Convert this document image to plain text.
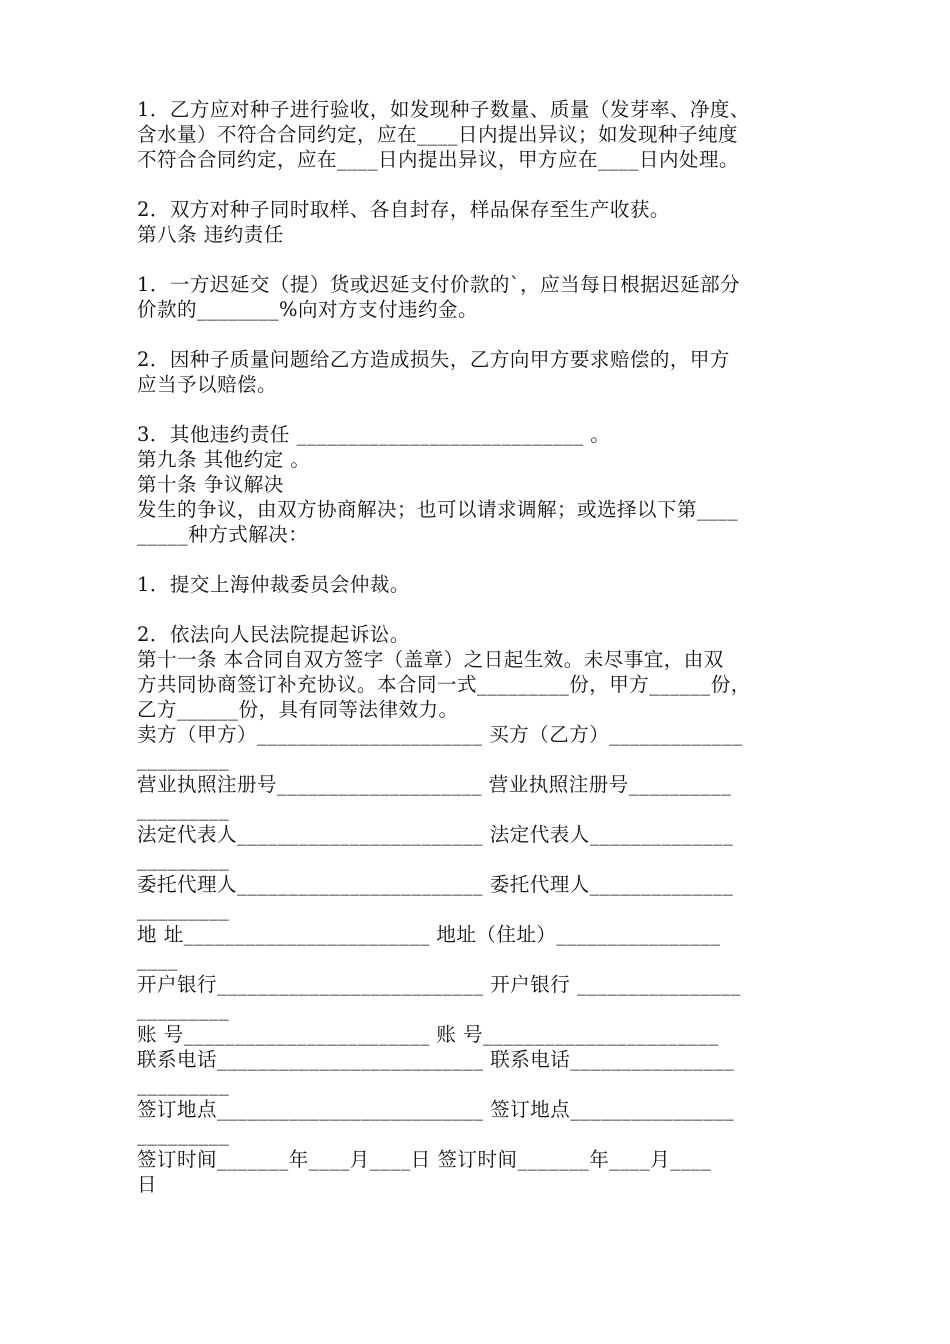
1．乙方应对种子进行验收，如发现种子数量、质量（发芽率、净度、
含水量）不符合合同约定，应在____日内提出异议；如发现种子纯度
不符合合同约定，应在____日内提出异议，甲方应在____日内处理。
2．双方对种子同时取样、各自封存，样品保存至生产收获。
第八条 违约责任
1．一方迟延交（提）货或迟延支付价款的`，应当每日根据迟延部分
价款的________%向对方支付违约金。
2．因种子质量问题给乙方造成损失，乙方向甲方要求赔偿的，甲方
应当予以赔偿。
3．其他违约责任 ____________________________ 。
第九条 其他约定 。
第十条 争议解决
发生的争议，由双方协商解决；也可以请求调解；或选择以下第____
_____种方式解决：
1．提交上海仲裁委员会仲裁。
2．依法向人民法院提起诉讼。
第十一条 本合同自双方签字（盖章）之日起生效。未尽事宜，由双
方共同协商签订补充协议。本合同一式_________份，甲方______份，
乙方______份，具有同等法律效力。
卖方（甲方）______________________ 买方（乙方）_____________
_________
营业执照注册号____________________ 营业执照注册号__________
_________
法定代表人________________________ 法定代表人______________
_________
委托代理人________________________ 委托代理人______________
_________
地 址________________________ 地址（住址）________________
____
开户银行__________________________ 开户银行 ________________
_________
账 号________________________ 账 号_______________________
联系电话__________________________ 联系电话________________
_________
签订地点__________________________ 签订地点________________
_________
签订时间_______年____月____日 签订时间_______年____月____
日
